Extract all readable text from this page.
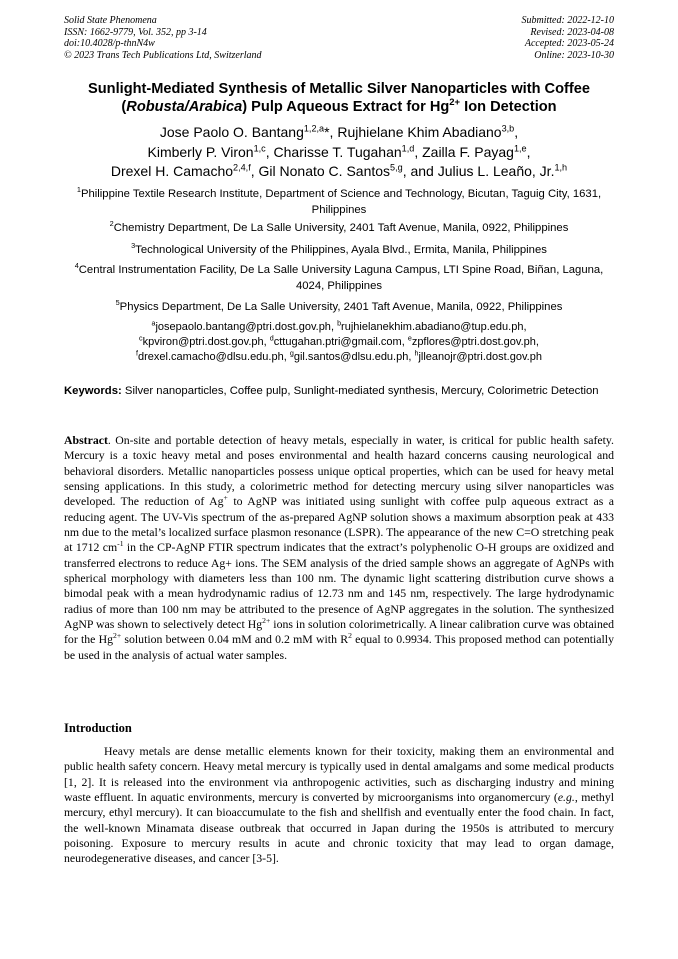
Solid State Phenomena
ISSN: 1662-9779, Vol. 352, pp 3-14
doi:10.4028/p-thnN4w
© 2023 Trans Tech Publications Ltd, Switzerland
Submitted: 2022-12-10
Revised: 2023-04-08
Accepted: 2023-05-24
Online: 2023-10-30
Sunlight-Mediated Synthesis of Metallic Silver Nanoparticles with Coffee
(Robusta/Arabica) Pulp Aqueous Extract for $Hg^{2+}$ Ion Detection
Jose Paolo O. Bantang$^{1,2,a}$*, Rujhielane Khim Abadiano$^{3,b}$,
Kimberly P. Viron$^{1,c}$, Charisse T. Tugahan$^{1,d}$, Zailla F. Payag$^{1,e}$,
Drexel H. Camacho$^{2,4,f}$, Gil Nonato C. Santos$^{5,g}$, and Julius L. Leaño, Jr.$^{1,h}$
$^1$Philippine Textile Research Institute, Department of Science and Technology, Bicutan, Taguig City, 1631, Philippines
$^2$Chemistry Department, De La Salle University, 2401 Taft Avenue, Manila, 0922, Philippines
$^3$Technological University of the Philippines, Ayala Blvd., Ermita, Manila, Philippines
$^4$Central Instrumentation Facility, De La Salle University Laguna Campus, LTI Spine Road, Biñan, Laguna, 4024, Philippines
$^5$Physics Department, De La Salle University, 2401 Taft Avenue, Manila, 0922, Philippines
$^a$josepaolo.bantang@ptri.dost.gov.ph, $^b$rujhielanekhim.abadiano@tup.edu.ph,
$^c$kpviron@ptri.dost.gov.ph, $^d$cttugahan.ptri@gmail.com, $^e$zpflores@ptri.dost.gov.ph,
$^f$drexel.camacho@dlsu.edu.ph, $^g$gil.santos@dlsu.edu.ph, $^h$jlleanojr@ptri.dost.gov.ph
Keywords: Silver nanoparticles, Coffee pulp, Sunlight-mediated synthesis, Mercury, Colorimetric Detection
Abstract. On-site and portable detection of heavy metals, especially in water, is critical for public health safety. Mercury is a toxic heavy metal and poses environmental and health hazard concerns causing neurological and behavioral disorders. Metallic nanoparticles possess unique optical properties, which can be used for heavy metal sensing applications. In this study, a colorimetric method for detecting mercury using silver nanoparticles was developed. The reduction of Ag+ to AgNP was initiated using sunlight with coffee pulp aqueous extract as a reducing agent. The UV-Vis spectrum of the as-prepared AgNP solution shows a maximum absorption peak at 433 nm due to the metal’s localized surface plasmon resonance (LSPR). The appearance of the new C=O stretching peak at 1712 $cm^{-1}$ in the CP-AgNP FTIR spectrum indicates that the extract’s polyphenolic O-H groups are oxidized and transferred electrons to reduce Ag+ ions. The SEM analysis of the dried sample shows an aggregate of AgNPs with spherical morphology with diameters less than 100 nm. The dynamic light scattering distribution curve shows a bimodal peak with a mean hydrodynamic radius of 12.73 nm and 145 nm, respectively. The large hydrodynamic radius of more than 100 nm may be attributed to the presence of AgNP aggregates in the solution. The synthesized AgNP was shown to selectively detect $Hg^{2+}$ ions in solution colorimetrically. A linear calibration curve was obtained for the $Hg^{2+}$ solution between 0.04 mM and 0.2 mM with $R^2$ equal to 0.9934. This proposed method can potentially be used in the analysis of actual water samples.
Introduction
Heavy metals are dense metallic elements known for their toxicity, making them an environmental and public health safety concern. Heavy metal mercury is typically used in dental amalgams and some medical products [1, 2]. It is released into the environment via anthropogenic activities, such as discharging industry and mining waste effluent. In aquatic environments, mercury is converted by microorganisms into organomercury (e.g., methyl mercury, ethyl mercury). It can bioaccumulate to the fish and shellfish and eventually enter the food chain. In fact, the well-known Minamata disease outbreak that occurred in Japan during the 1950s is attributed to mercury poisoning. Exposure to mercury results in acute and chronic toxicity that may lead to organ damage, neurodegenerative diseases, and cancer [3-5].
